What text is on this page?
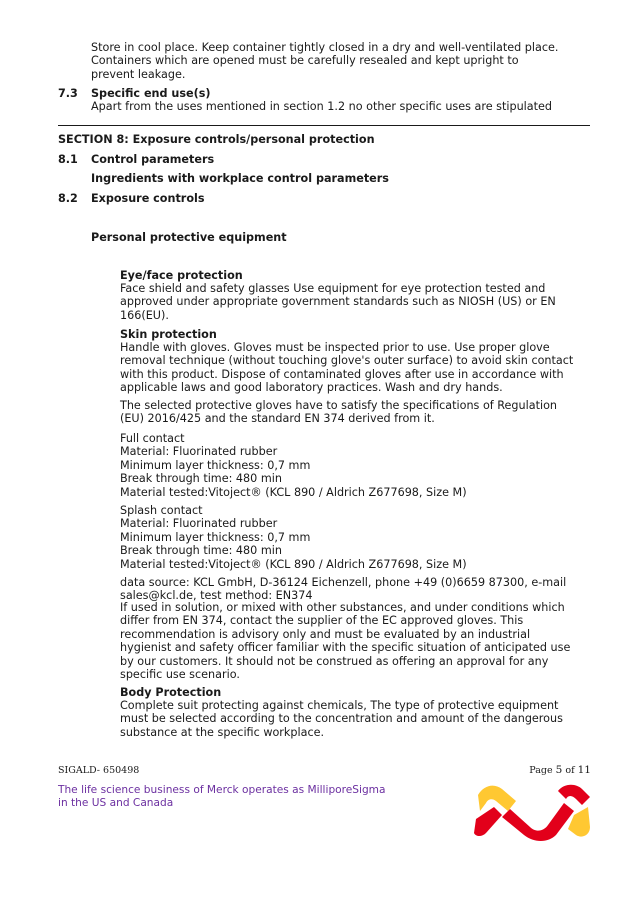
Store in cool place. Keep container tightly closed in a dry and well-ventilated place. Containers which are opened must be carefully resealed and kept upright to prevent leakage.

7.3 Specific end use(s)

Apart from the uses mentioned in section 1.2 no other specific uses are stipulated

SECTION 8: Exposure controls/personal protection
8.1 Control parameters
Ingredients with workplace control parameters
8.2 Exposure controls
Personal protective equipment
Eye/face protection

Face shield and safety glasses Use equipment for eye protection tested and approved under appropriate government standards such as NIOSH (US) or EN 166(EU).

Skin protection

Handle with gloves. Gloves must be inspected prior to use. Use proper glove removal technique (without touching glove's outer surface) to avoid skin contact with this product. Dispose of contaminated gloves after use in accordance with applicable laws and good laboratory practices. Wash and dry hands.

The selected protective gloves have to satisfy the specifications of Regulation (EU) 2016/425 and the standard EN 374 derived from it.

Full contact
Material: Fluorinated rubber
Minimum layer thickness: 0,7 mm
Break through time: 480 min
Material tested:Vitoject® (KCL 890 / Aldrich Z677698, Size M)
Splash contact
Material: Fluorinated rubber
Minimum layer thickness: 0,7 mm
Break through time: 480 min
Material tested:Vitoject® (KCL 890 / Aldrich Z677698, Size M)

data source: KCL GmbH, D-36124 Eichenzell, phone +49 (0)6659 87300, e-mail sales@kcl.de, test method: EN374

If used in solution, or mixed with other substances, and under conditions which differ from EN 374, contact the supplier of the EC approved gloves. This recommendation is advisory only and must be evaluated by an industrial hygienist and safety officer familiar with the specific situation of anticipated use by our customers. It should not be construed as offering an approval for any specific use scenario.

Body Protection

Complete suit protecting against chemicals, The type of protective equipment must be selected according to the concentration and amount of the dangerous substance at the specific workplace.

SIGALD- 650498	Page 5 of 11

The life science business of Merck operates as MilliporeSigma in the US and Canada
